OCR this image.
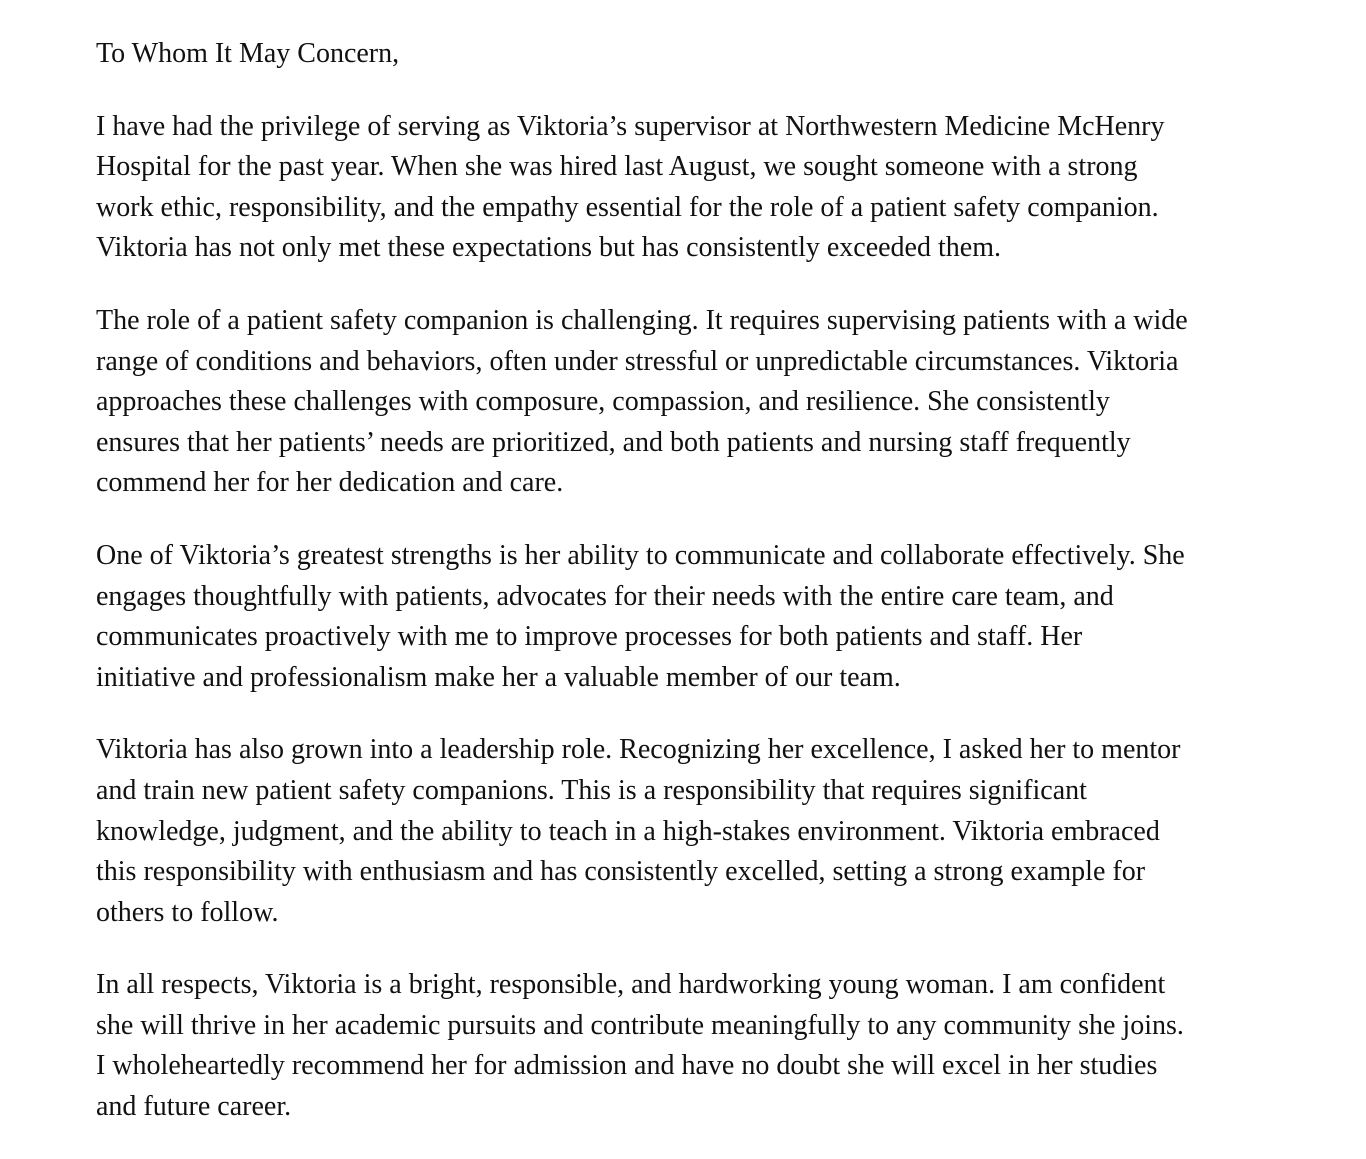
To Whom It May Concern,

I have had the privilege of serving as Viktoria’s supervisor at Northwestern Medicine McHenry
Hospital for the past year. When she was hired last August, we sought someone with a strong
work ethic, responsibility, and the empathy essential for the role of a patient safety companion.
Viktoria has not only met these expectations but has consistently exceeded them.

The role of a patient safety companion is challenging. It requires supervising patients with a wide
range of conditions and behaviors, often under stressful or unpredictable circumstances. Viktoria
approaches these challenges with composure, compassion, and resilience. She consistently
ensures that her patients’ needs are prioritized, and both patients and nursing staff frequently
commend her for her dedication and care.

One of Viktoria’s greatest strengths is her ability to communicate and collaborate effectively. She
engages thoughtfully with patients, advocates for their needs with the entire care team, and
communicates proactively with me to improve processes for both patients and staff. Her
initiative and professionalism make her a valuable member of our team.

Viktoria has also grown into a leadership role. Recognizing her excellence, I asked her to mentor
and train new patient safety companions. This is a responsibility that requires significant
knowledge, judgment, and the ability to teach in a high-stakes environment. Viktoria embraced
this responsibility with enthusiasm and has consistently excelled, setting a strong example for
others to follow.

In all respects, Viktoria is a bright, responsible, and hardworking young woman. I am confident
she will thrive in her academic pursuits and contribute meaningfully to any community she joins.
I wholeheartedly recommend her for admission and have no doubt she will excel in her studies
and future career.
